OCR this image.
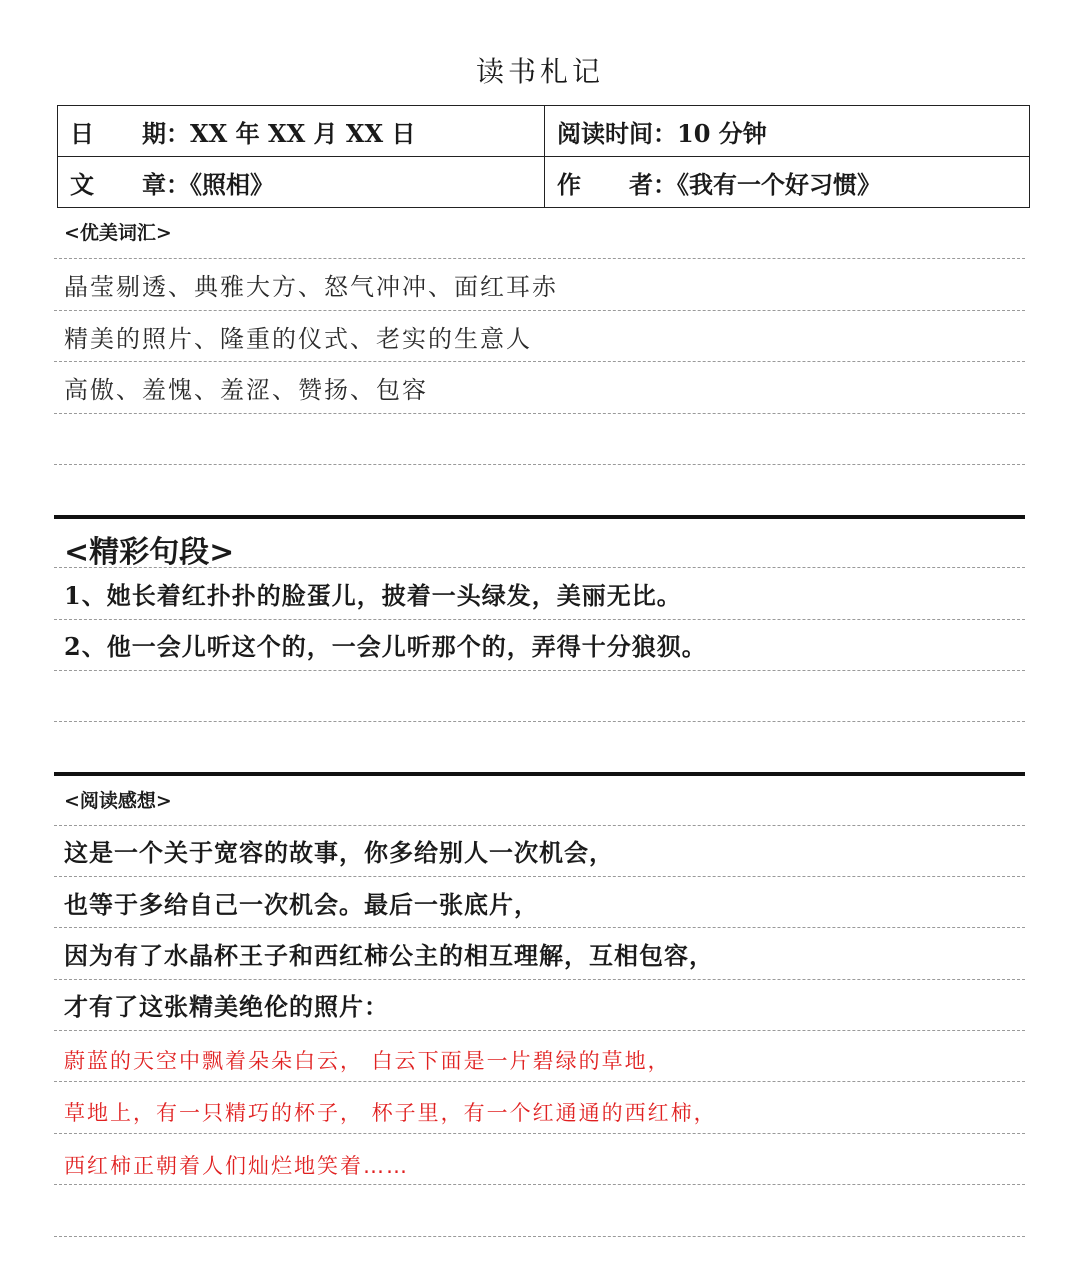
读书札记
日　　期：XX 年 XX 月 XX 日	阅读时间：10 分钟
文　　章：《照相》	作　　者：《我有一个好习惯》
<优美词汇>
晶莹剔透、典雅大方、怒气冲冲、面红耳赤
精美的照片、隆重的仪式、老实的生意人
高傲、羞愧、羞涩、赞扬、包容
<精彩句段>
1、她长着红扑扑的脸蛋儿，披着一头绿发，美丽无比。
2、他一会儿听这个的，一会儿听那个的，弄得十分狼狈。
<阅读感想>
这是一个关于宽容的故事，你多给别人一次机会，
也等于多给自己一次机会。最后一张底片，
因为有了水晶杯王子和西红柿公主的相互理解，互相包容，
才有了这张精美绝伦的照片：
蔚蓝的天空中飘着朵朵白云， 白云下面是一片碧绿的草地，
草地上，有一只精巧的杯子， 杯子里，有一个红通通的西红柿，
西红柿正朝着人们灿烂地笑着……
